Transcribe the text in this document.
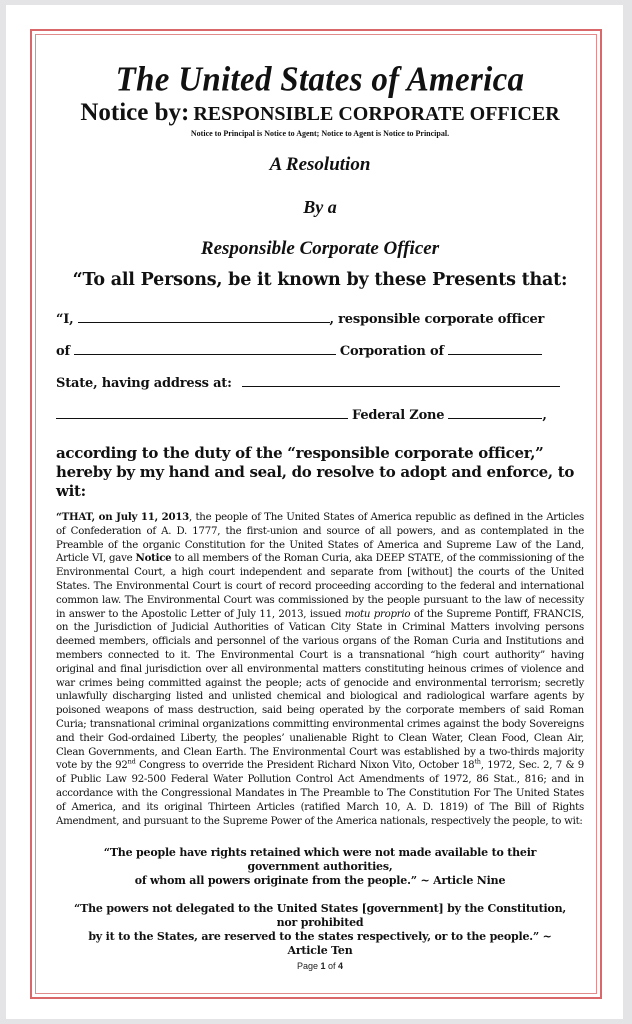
The United States of America

Notice by: RESPONSIBLE CORPORATE OFFICER

Notice to Principal is Notice to Agent; Notice to Agent is Notice to Principal.

A Resolution

By a

Responsible Corporate Officer

“To all Persons, be it known by these Presents that:

“I,	, responsible corporate officer
of	Corporation of
State, having address at:
Federal Zone	,

according to the duty of the “responsible corporate officer,” hereby by my hand and seal, do resolve to adopt and enforce, to wit:

“THAT, on July 11, 2013, the people of The United States of America republic as defined in the Articles of Confederation of A. D. 1777, the first-union and source of all powers, and as contemplated in the Preamble of the organic Constitution for the United States of America and Supreme Law of the Land, Article VI, gave Notice to all members of the Roman Curia, aka DEEP STATE, of the commissioning of the Environmental Court, a high court independent and separate from [without] the courts of the United States. The Environmental Court is court of record proceeding according to the federal and international common law. The Environmental Court was commissioned by the people pursuant to the law of necessity in answer to the Apostolic Letter of July 11, 2013, issued motu proprio of the Supreme Pontiff, FRANCIS, on the Jurisdiction of Judicial Authorities of Vatican City State in Criminal Matters involving persons deemed members, officials and personnel of the various organs of the Roman Curia and Institutions and members connected to it. The Environmental Court is a transnational “high court authority” having original and final jurisdiction over all environmental matters constituting heinous crimes of violence and war crimes being committed against the people; acts of genocide and environmental terrorism; secretly unlawfully discharging listed and unlisted chemical and biological and radiological warfare agents by poisoned weapons of mass destruction, said being operated by the corporate members of said Roman Curia; transnational criminal organizations committing environmental crimes against the body Sovereigns and their God-ordained Liberty, the peoples’ unalienable Right to Clean Water, Clean Food, Clean Air, Clean Governments, and Clean Earth. The Environmental Court was established by a two-thirds majority vote by the 92nd Congress to override the President Richard Nixon Vito, October 18th, 1972, Sec. 2, 7 & 9 of Public Law 92-500 Federal Water Pollution Control Act Amendments of 1972, 86 Stat., 816; and in accordance with the Congressional Mandates in The Preamble to The Constitution For The United States of America, and its original Thirteen Articles (ratified March 10, A. D. 1819) of The Bill of Rights Amendment, and pursuant to the Supreme Power of the America nationals, respectively the people, to wit:

“The people have rights retained which were not made available to their
government authorities,
of whom all powers originate from the people.” ~ Article Nine
“The powers not delegated to the United States [government] by the Constitution,
nor prohibited
by it to the States, are reserved to the states respectively, or to the people.” ~
Article Ten
Page 1 of 4
